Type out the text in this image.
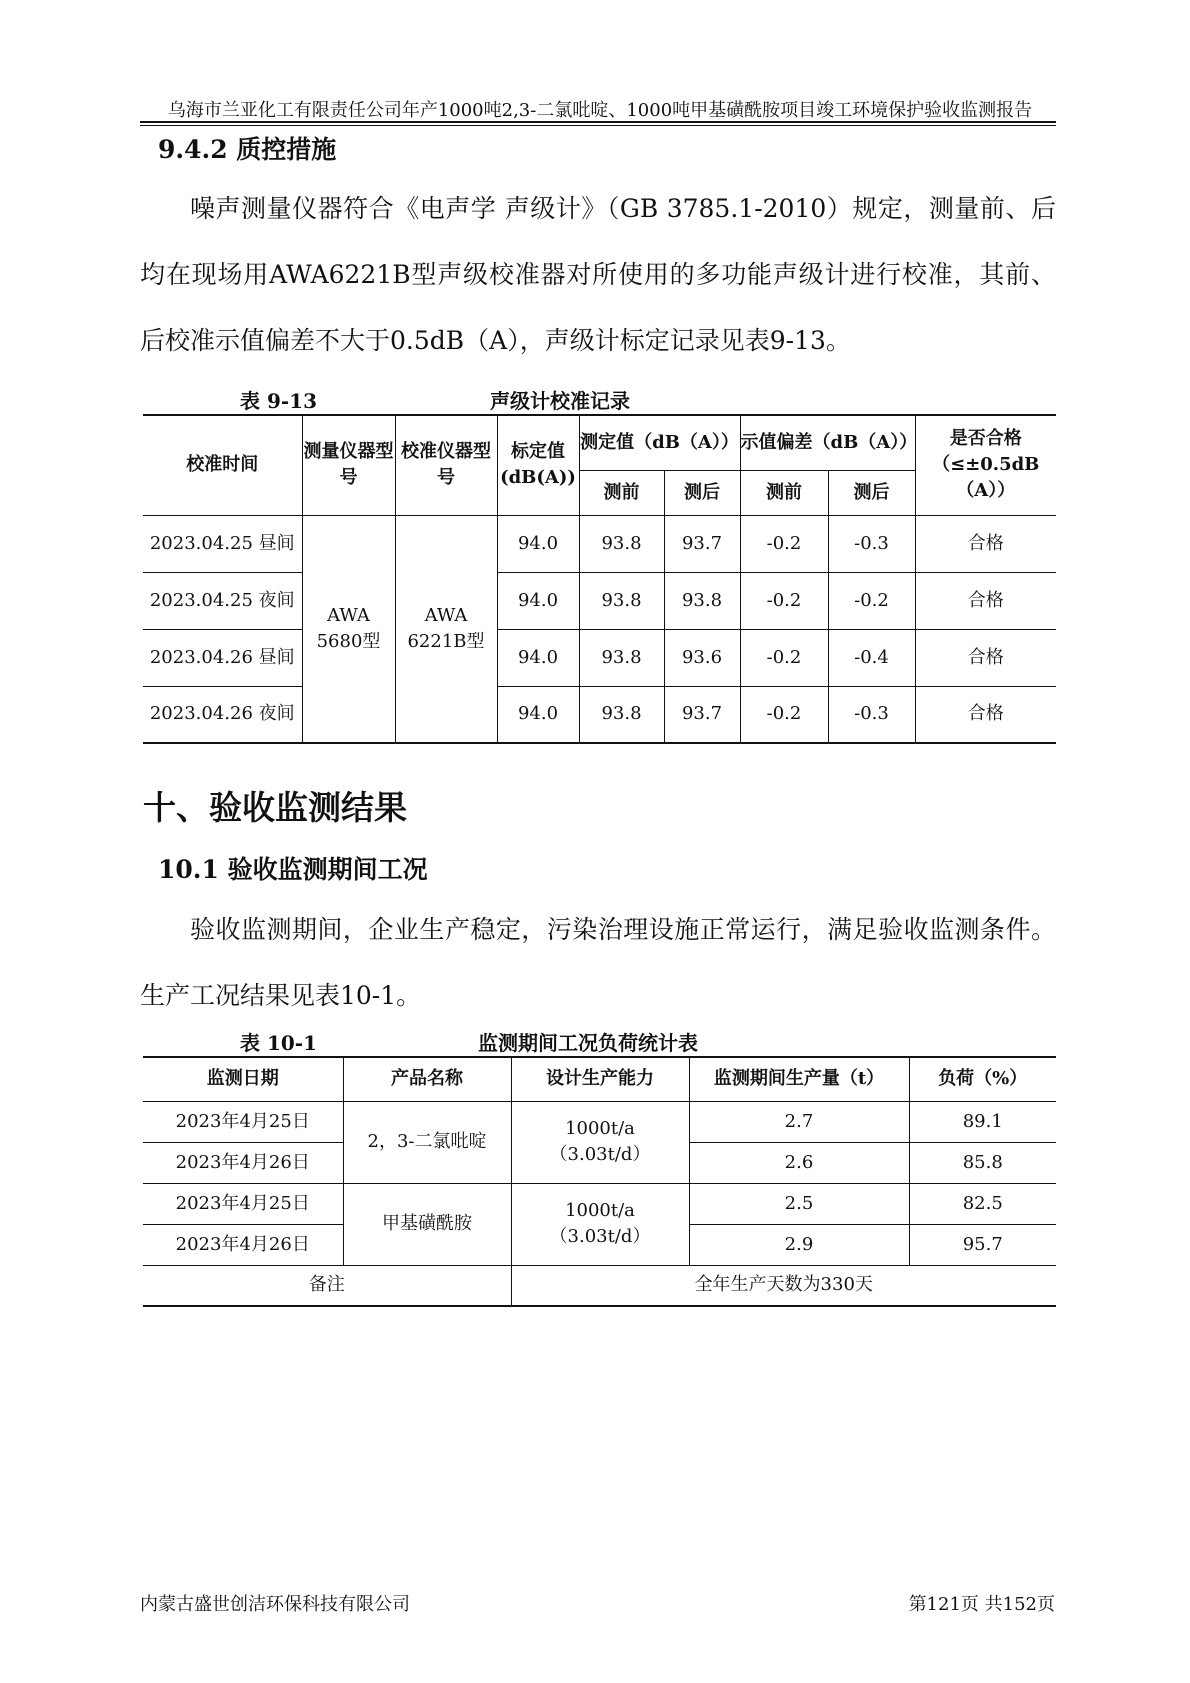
乌海市兰亚化工有限责任公司年产1000吨2,3-二氯吡啶、1000吨甲基磺酰胺项目竣工环境保护验收监测报告
9.4.2 质控措施
噪声测量仪器符合《电声学 声级计》（GB 3785.1-2010）规定，测量前、后均在现场用AWA6221B型声级校准器对所使用的多功能声级计进行校准，其前、后校准示值偏差不大于0.5dB（A），声级计标定记录见表9-13。
表 9-13	声级计校准记录
校准时间	测量仪器型号	校准仪器型号	标定值(dB(A))	测定值（dB（A））		示值偏差（dB（A））		是否合格（≤±0.5dB（A））
				测前	测后	测前	测后	
2023.04.25 昼间	AWA 5680型	AWA 6221B型	94.0	93.8	93.7	-0.2	-0.3	合格
2023.04.25 夜间			94.0	93.8	93.8	-0.2	-0.2	合格
2023.04.26 昼间			94.0	93.8	93.6	-0.2	-0.4	合格
2023.04.26 夜间			94.0	93.8	93.7	-0.2	-0.3	合格
十、验收监测结果
10.1 验收监测期间工况
验收监测期间，企业生产稳定，污染治理设施正常运行，满足验收监测条件。生产工况结果见表10-1。
表 10-1	监测期间工况负荷统计表
监测日期	产品名称	设计生产能力	监测期间生产量（t）	负荷（%）
2023年4月25日	2，3-二氯吡啶	1000t/a（3.03t/d）	2.7	89.1
2023年4月26日			2.6	85.8
2023年4月25日	甲基磺酰胺	1000t/a（3.03t/d）	2.5	82.5
2023年4月26日			2.9	95.7
备注		全年生产天数为330天		
内蒙古盛世创洁环保科技有限公司	第121页 共152页
